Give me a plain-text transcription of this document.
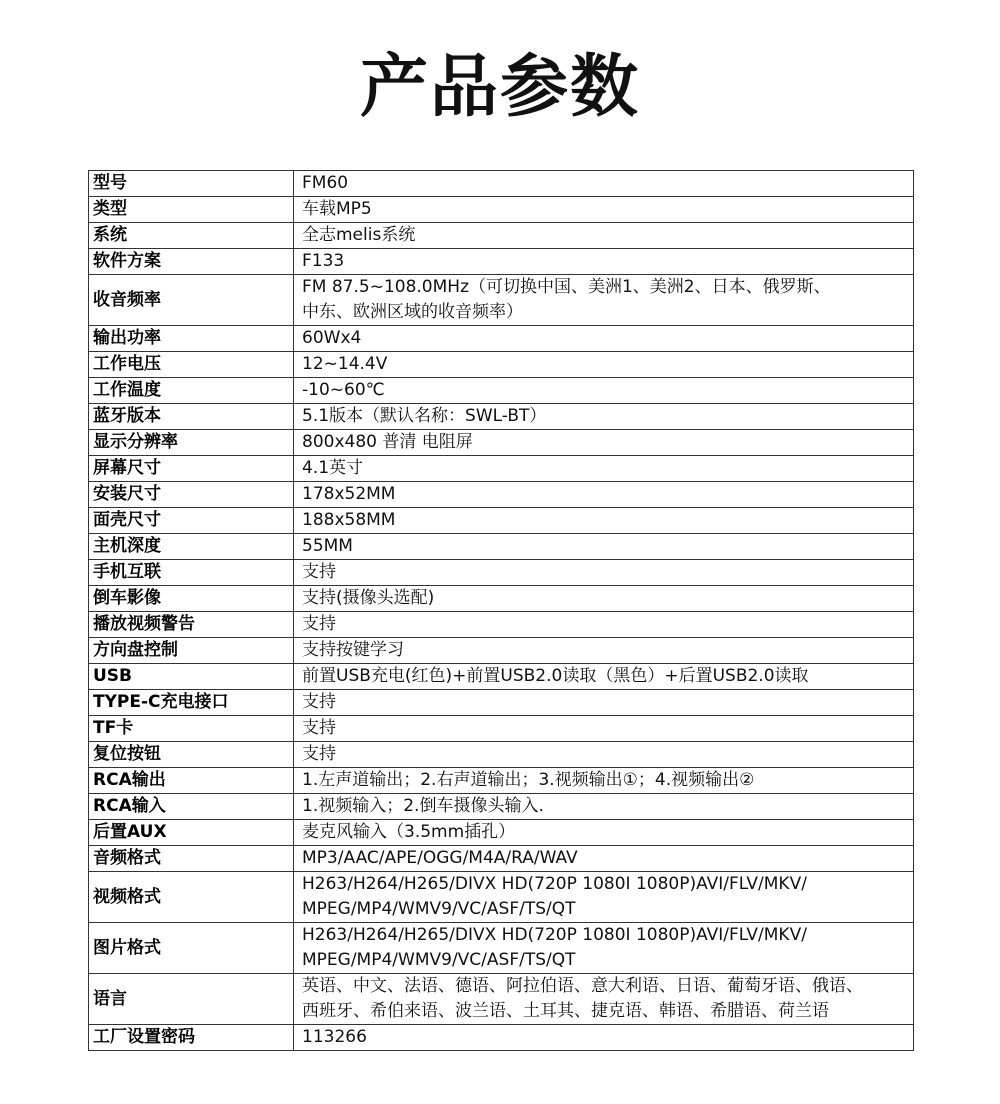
产品参数
型号	FM60

类型	车载MP5

系统	全志melis系统

软件方案	F133

收音频率	FM 87.5~108.0MHz（可切换中国、美洲1、美洲2、日本、俄罗斯、
中东、欧洲区域的收音频率）

输出功率	60Wx4

工作电压	12~14.4V

工作温度	-10~60℃

蓝牙版本	5.1版本（默认名称：SWL-BT）

显示分辨率	800x480 普清 电阻屏

屏幕尺寸	4.1英寸

安装尺寸	178x52MM

面壳尺寸	188x58MM

主机深度	55MM

手机互联	支持

倒车影像	支持(摄像头选配)

播放视频警告	支持

方向盘控制	支持按键学习

USB	前置USB充电(红色)+前置USB2.0读取（黑色）+后置USB2.0读取

TYPE-C充电接口	支持

TF卡	支持

复位按钮	支持

RCA输出	1.左声道输出；2.右声道输出；3.视频输出①；4.视频输出②

RCA输入	1.视频输入；2.倒车摄像头输入.

后置AUX	麦克风输入（3.5mm插孔）

音频格式	MP3/AAC/APE/OGG/M4A/RA/WAV

视频格式	H263/H264/H265/DIVX HD(720P 1080I 1080P)AVI/FLV/MKV/
MPEG/MP4/WMV9/VC/ASF/TS/QT

图片格式	H263/H264/H265/DIVX HD(720P 1080I 1080P)AVI/FLV/MKV/
MPEG/MP4/WMV9/VC/ASF/TS/QT

语言	英语、中文、法语、德语、阿拉伯语、意大利语、日语、葡萄牙语、俄语、
西班牙、希伯来语、波兰语、土耳其、捷克语、韩语、希腊语、荷兰语

工厂设置密码	113266
